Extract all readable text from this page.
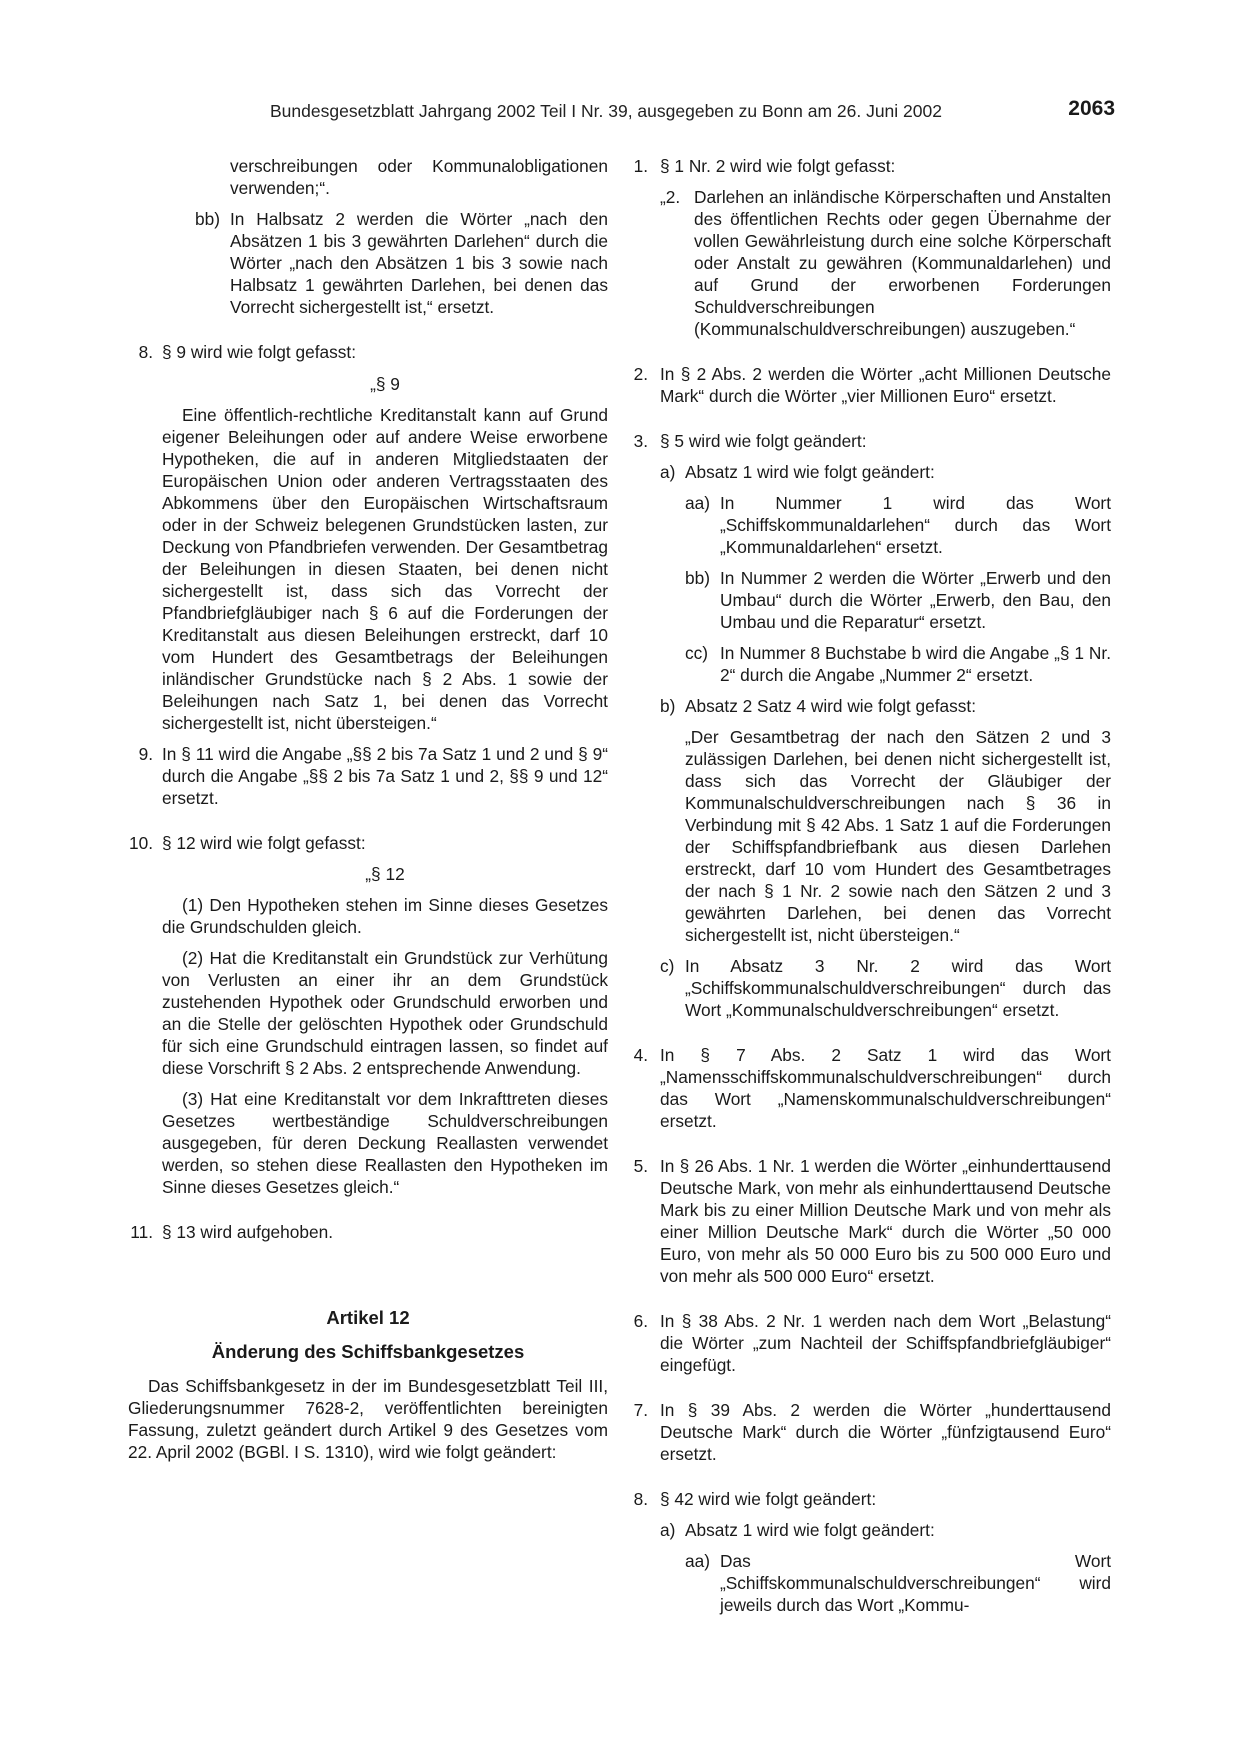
Bundesgesetzblatt Jahrgang 2002 Teil I Nr. 39, ausgegeben zu Bonn am 26. Juni 2002	2063

verschreibungen oder Kommunalobligationen verwenden;“.

bb) In Halbsatz 2 werden die Wörter „nach den Absätzen 1 bis 3 gewährten Darlehen“ durch die Wörter „nach den Absätzen 1 bis 3 sowie nach Halbsatz 1 gewährten Darlehen, bei denen das Vorrecht sichergestellt ist,“ ersetzt.

8. § 9 wird wie folgt gefasst:

„§ 9

Eine öffentlich-rechtliche Kreditanstalt kann auf Grund eigener Beleihungen oder auf andere Weise erworbene Hypotheken, die auf in anderen Mitgliedstaaten der Europäischen Union oder anderen Vertragsstaaten des Abkommens über den Europäischen Wirtschaftsraum oder in der Schweiz belegenen Grundstücken lasten, zur Deckung von Pfandbriefen verwenden. Der Gesamtbetrag der Beleihungen in diesen Staaten, bei denen nicht sichergestellt ist, dass sich das Vorrecht der Pfandbriefgläubiger nach § 6 auf die Forderungen der Kreditanstalt aus diesen Beleihungen erstreckt, darf 10 vom Hundert des Gesamtbetrags der Beleihungen inländischer Grundstücke nach § 2 Abs. 1 sowie der Beleihungen nach Satz 1, bei denen das Vorrecht sichergestellt ist, nicht übersteigen.“

9. In § 11 wird die Angabe „§§ 2 bis 7a Satz 1 und 2 und § 9“ durch die Angabe „§§ 2 bis 7a Satz 1 und 2, §§ 9 und 12“ ersetzt.

10. § 12 wird wie folgt gefasst:

„§ 12

(1) Den Hypotheken stehen im Sinne dieses Gesetzes die Grundschulden gleich.

(2) Hat die Kreditanstalt ein Grundstück zur Verhütung von Verlusten an einer ihr an dem Grundstück zustehenden Hypothek oder Grundschuld erworben und an die Stelle der gelöschten Hypothek oder Grundschuld für sich eine Grundschuld eintragen lassen, so findet auf diese Vorschrift § 2 Abs. 2 entsprechende Anwendung.

(3) Hat eine Kreditanstalt vor dem Inkrafttreten dieses Gesetzes wertbeständige Schuldverschreibungen ausgegeben, für deren Deckung Reallasten verwendet werden, so stehen diese Reallasten den Hypotheken im Sinne dieses Gesetzes gleich.“

11. § 13 wird aufgehoben.

Artikel 12

Änderung des Schiffsbankgesetzes

Das Schiffsbankgesetz in der im Bundesgesetzblatt Teil III, Gliederungsnummer 7628-2, veröffentlichten bereinigten Fassung, zuletzt geändert durch Artikel 9 des Gesetzes vom 22. April 2002 (BGBl. I S. 1310), wird wie folgt geändert:

1. § 1 Nr. 2 wird wie folgt gefasst:

„2. Darlehen an inländische Körperschaften und Anstalten des öffentlichen Rechts oder gegen Übernahme der vollen Gewährleistung durch eine solche Körperschaft oder Anstalt zu gewähren (Kommunaldarlehen) und auf Grund der erworbenen Forderungen Schuldverschreibungen (Kommunalschuldverschreibungen) auszugeben.“

2. In § 2 Abs. 2 werden die Wörter „acht Millionen Deutsche Mark“ durch die Wörter „vier Millionen Euro“ ersetzt.

3. § 5 wird wie folgt geändert:

a) Absatz 1 wird wie folgt geändert:

aa) In Nummer 1 wird das Wort „Schiffskommunaldarlehen“ durch das Wort „Kommunaldarlehen“ ersetzt.

bb) In Nummer 2 werden die Wörter „Erwerb und den Umbau“ durch die Wörter „Erwerb, den Bau, den Umbau und die Reparatur“ ersetzt.

cc) In Nummer 8 Buchstabe b wird die Angabe „§ 1 Nr. 2“ durch die Angabe „Nummer 2“ ersetzt.

b) Absatz 2 Satz 4 wird wie folgt gefasst:

„Der Gesamtbetrag der nach den Sätzen 2 und 3 zulässigen Darlehen, bei denen nicht sichergestellt ist, dass sich das Vorrecht der Gläubiger der Kommunalschuldverschreibungen nach § 36 in Verbindung mit § 42 Abs. 1 Satz 1 auf die Forderungen der Schiffspfandbriefbank aus diesen Darlehen erstreckt, darf 10 vom Hundert des Gesamtbetrages der nach § 1 Nr. 2 sowie nach den Sätzen 2 und 3 gewährten Darlehen, bei denen das Vorrecht sichergestellt ist, nicht übersteigen.“

c) In Absatz 3 Nr. 2 wird das Wort „Schiffskommunalschuldverschreibungen“ durch das Wort „Kommunalschuldverschreibungen“ ersetzt.

4. In § 7 Abs. 2 Satz 1 wird das Wort „Namensschiffskommunalschuldverschreibungen“ durch das Wort „Namenskommunalschuldverschreibungen“ ersetzt.

5. In § 26 Abs. 1 Nr. 1 werden die Wörter „einhunderttausend Deutsche Mark, von mehr als einhunderttausend Deutsche Mark bis zu einer Million Deutsche Mark und von mehr als einer Million Deutsche Mark“ durch die Wörter „50 000 Euro, von mehr als 50 000 Euro bis zu 500 000 Euro und von mehr als 500 000 Euro“ ersetzt.

6. In § 38 Abs. 2 Nr. 1 werden nach dem Wort „Belastung“ die Wörter „zum Nachteil der Schiffspfandbriefgläubiger“ eingefügt.

7. In § 39 Abs. 2 werden die Wörter „hunderttausend Deutsche Mark“ durch die Wörter „fünfzigtausend Euro“ ersetzt.

8. § 42 wird wie folgt geändert:

a) Absatz 1 wird wie folgt geändert:

aa) Das Wort „Schiffskommunalschuldverschreibungen“ wird jeweils durch das Wort „Kommu-
